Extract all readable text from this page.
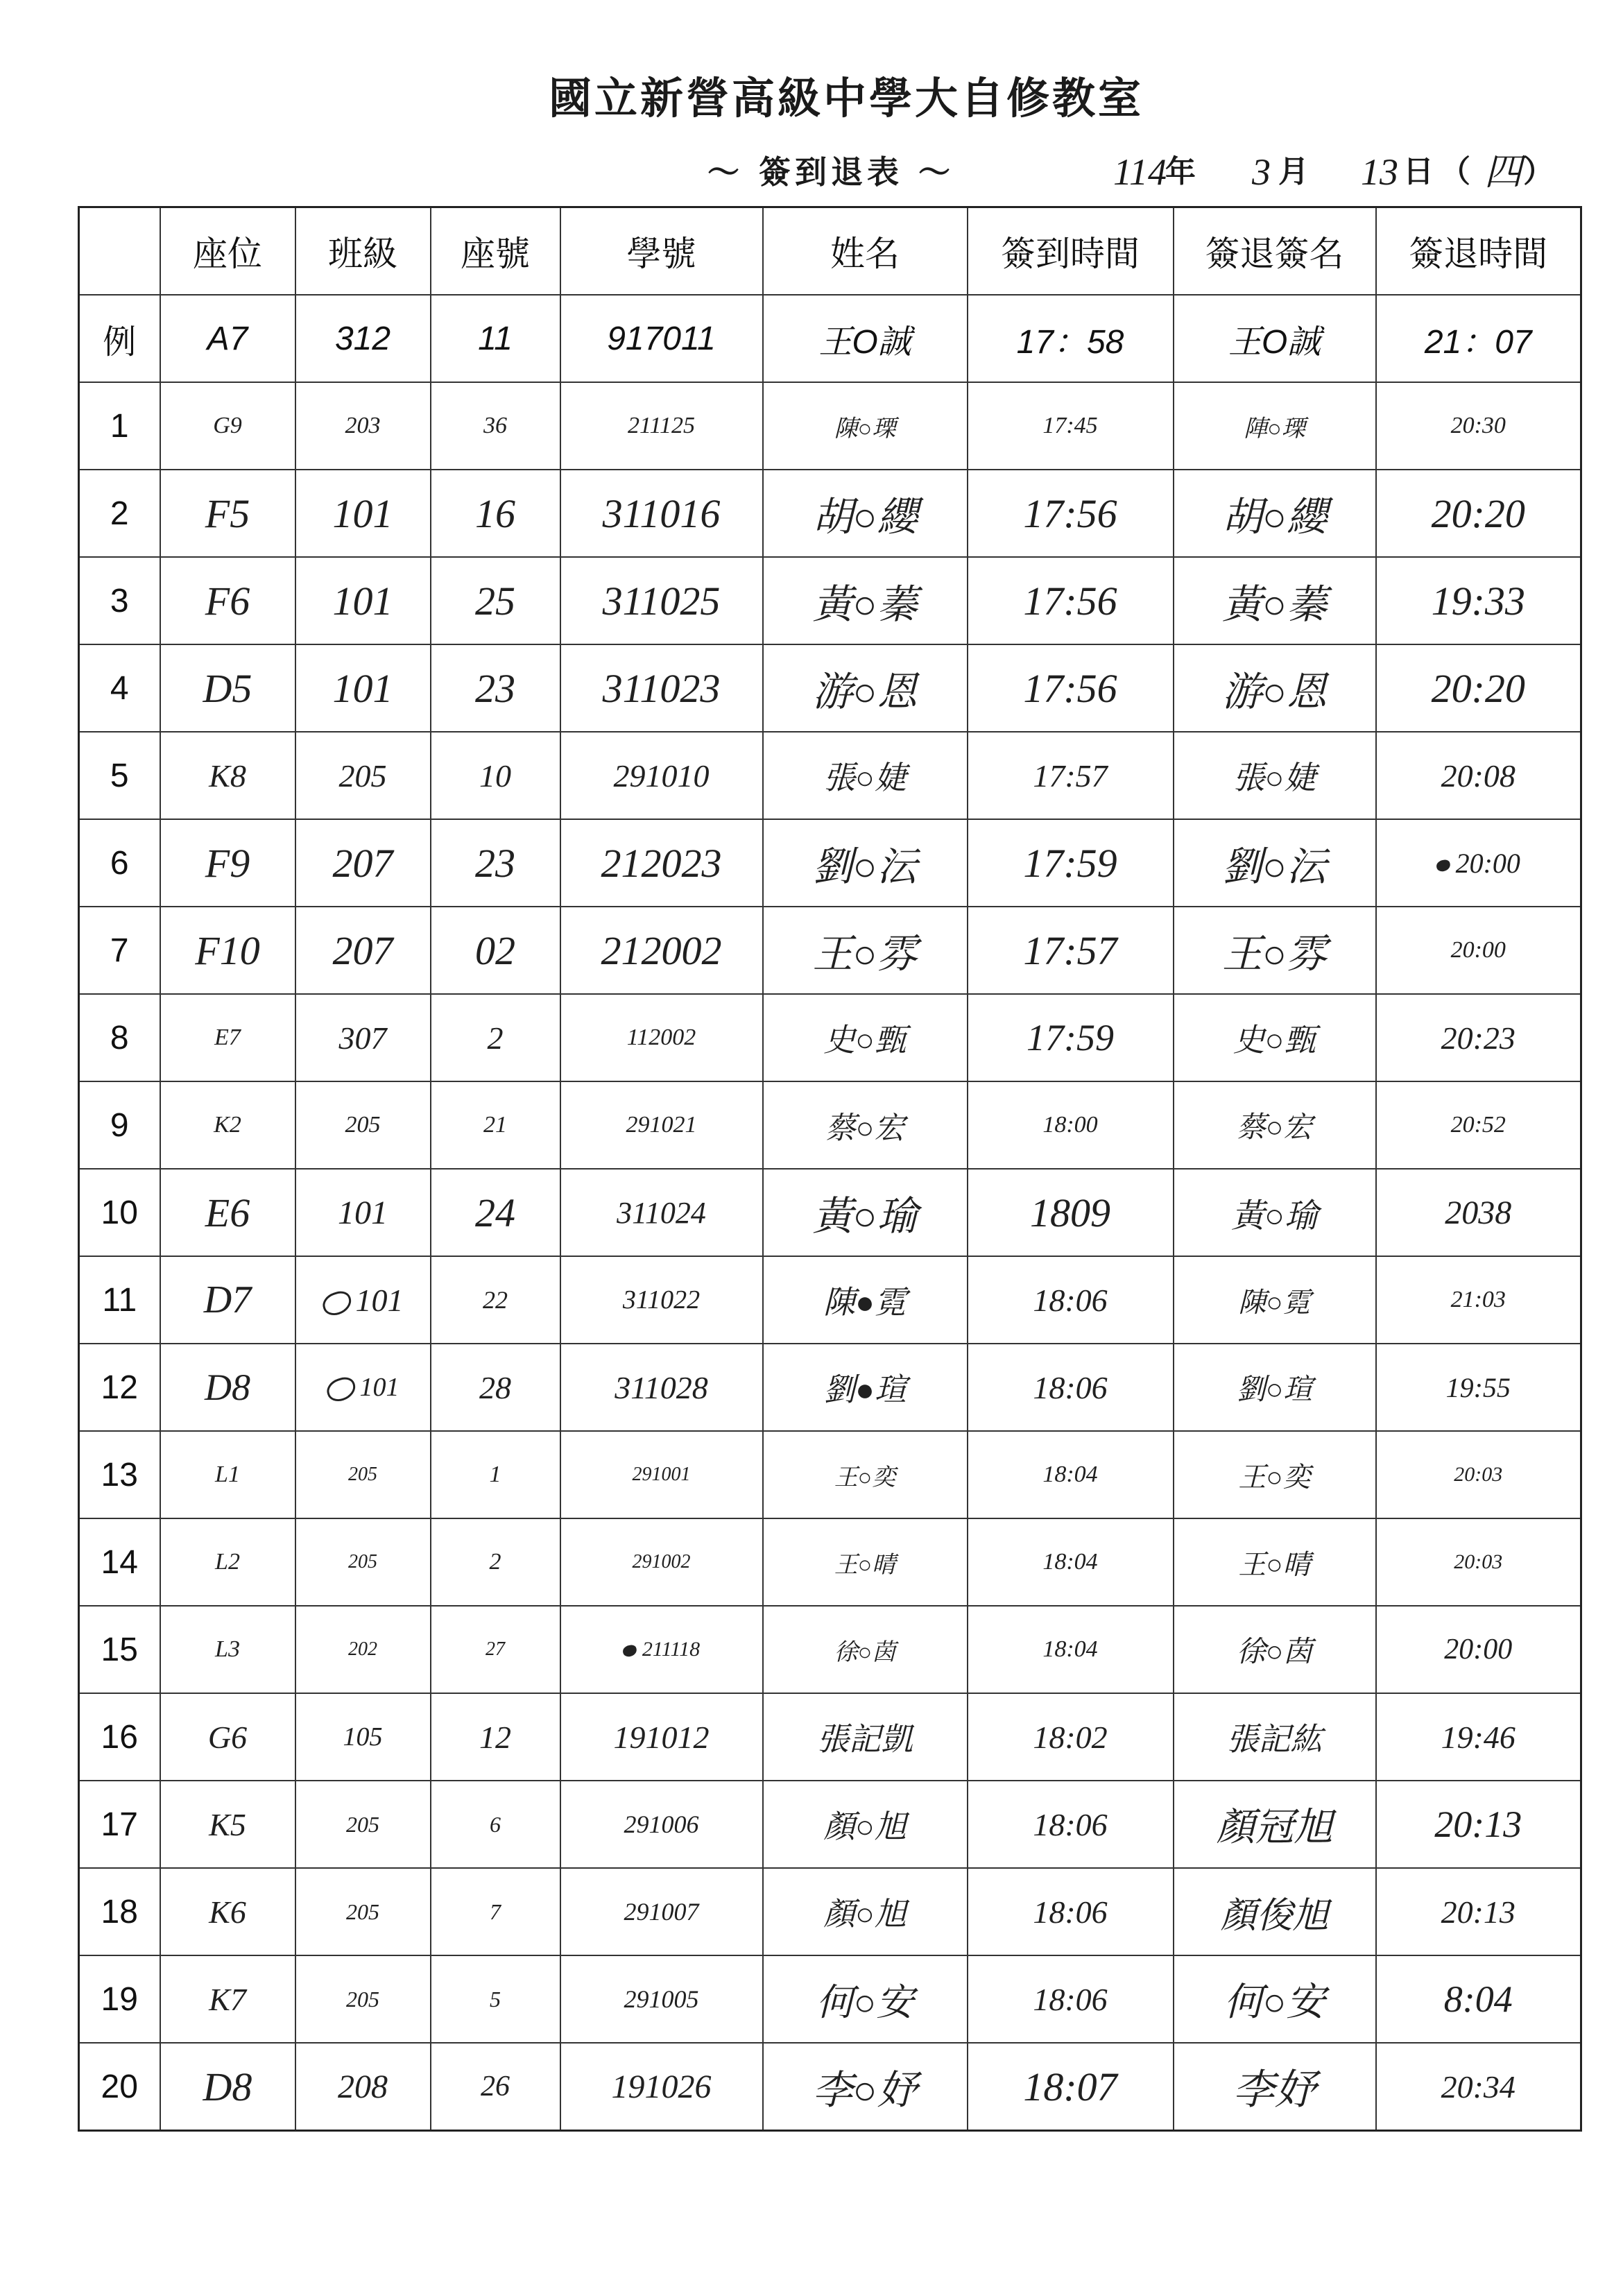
國立新營高級中學大自修教室
～ 簽到退表 ～	114
年 3 月 13 日 （ 四 ）
	座位	班級	座號	學號	姓名	簽到時間	簽退簽名	簽退時間
例	A7	312	11	917011	王O誠	17：58	王O誠	21：07
1	G9	203	36	211125	陳○瑮	17:45	陣○瑮	20:30
2	F5	101	16	311016	胡○纓	17:56	胡○纓	20:20
3	F6	101	25	311025	黃○蓁	17:56	黃○蓁	19:33
4	D5	101	23	311023	游○恩	17:56	游○恩	20:20
5	K8	205	10	291010	張○婕	17:57	張○婕	20:08
6	F9	207	23	212023	劉○沄	17:59	劉○沄	20:00
7	F10	207	02	212002	王○雰	17:57	王○雰	20:00
8	E7	307	2	112002	史○甄	17:59	史○甄	20:23
9	K2	205	21	291021	蔡○宏	18:00	蔡○宏	20:52
10	E6	101	24	311024	黃○瑜	1809	黃○瑜	2038
11	D7	101	22	311022	陳●霓	18:06	陳○霓	21:03
12	D8	101	28	311028	劉●瑄	18:06	劉○瑄	19:55
13	L1	205	1	291001	王○奕	18:04	王○奕	20:03
14	L2	205	2	291002	王○晴	18:04	王○晴	20:03
15	L3	202	27	211118	徐○茵	18:04	徐○茵	20:00
16	G6	105	12	191012	張記凱	18:02	張記紘	19:46
17	K5	205	6	291006	顏○旭	18:06	顏冠旭	20:13
18	K6	205	7	291007	顏○旭	18:06	顏俊旭	20:13
19	K7	205	5	291005	何○安	18:06	何○安	8:04
20	D8	208	26	191026	李○妤	18:07	李妤	20:34
